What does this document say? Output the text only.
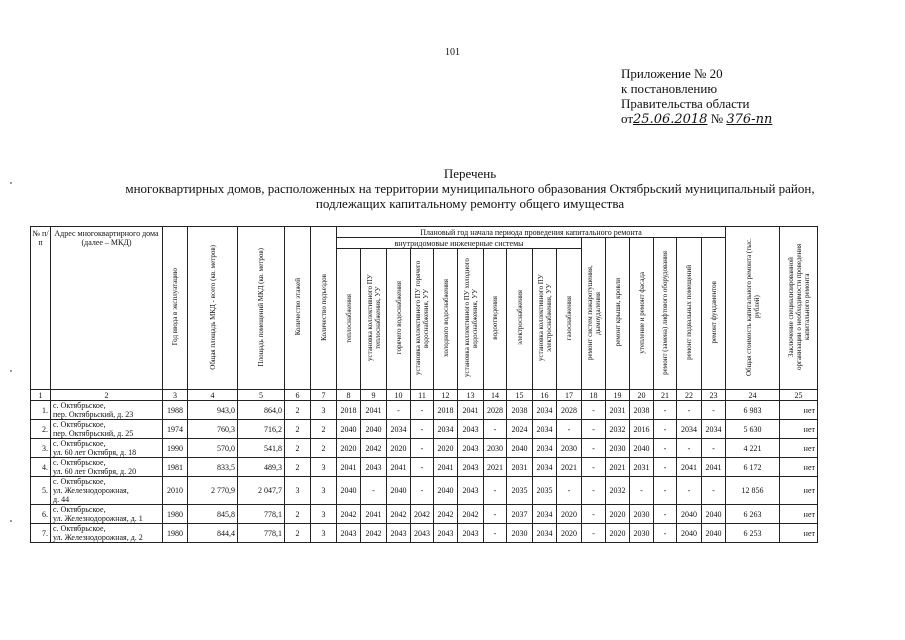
101
Приложение № 20
к постановлению
Правительства области
от25.06.2018 № 376-пп
Перечень
многоквартирных домов, расположенных на территории муниципального образования Октябрьский муниципальный район,
подлежащих капитальному ремонту общего имущества
№ п/п	Адрес многоквартирного дома (далее – МКД)	Год ввода в эксплуатацию	Общая площадь МКД - всего (кв. метров)	Площадь помещений МКД (кв. метров)	Количество этажей	Количество подъездов	Плановый год начала периода проведения капитального ремонта																Общая стоимость капитального ремонта (тыс. рублей)	Заключение специализированной организации о необходимости проведения капитального ремонта
							внутридомовые инженерные системы										ремонт систем пожаротушения, дымоудаления	ремонт крыши, кровли	утепление и ремонт фасада	ремонт (замена) лифтового оборудования	ремонт подвальных помещений	ремонт фундаментов		
							теплоснабжения	установка коллективного ПУ теплоснабжения, УУ	горячего водоснабжения	установка коллективного ПУ горячего водоснабжения, УУ	холодного водоснабжения	установка коллективного ПУ холодного водоснабжения, УУ	водоотведения	электроснабжения	установка коллективного ПУ электроснабжения, УУ	газоснабжения								
1	2	3	4	5	6	7	8	9	10	11	12	13	14	15	16	17	18	19	20	21	22	23	24	25
1.	с. Октябрьское,
пер. Октябрьский, д. 23	1988	943,0	864,0	2	3	2018	2041	-	-	2018	2041	2028	2038	2034	2028	-	2031	2038	-	-	-	6 983	нет
2.	с. Октябрьское,
пер. Октябрьский, д. 25	1974	760,3	716,2	2	2	2040	2040	2034	-	2034	2043	-	2024	2034	-	-	2032	2016	-	2034	2034	5 630	нет
3.	с. Октябрьское,
ул. 60 лет Октября, д. 18	1990	570,0	541,8	2	2	2020	2042	2020	-	2020	2043	2030	2040	2034	2030	-	2030	2040	-	-	-	4 221	нет
4.	с. Октябрьское,
ул. 60 лет Октября, д. 20	1981	833,5	489,3	2	3	2041	2043	2041	-	2041	2043	2021	2031	2034	2021	-	2021	2031	-	2041	2041	6 172	нет
5.	с. Октябрьское,
ул. Железнодорожная,
д. 44	2010	2 770,9	2 047,7	3	3	2040	-	2040	-	2040	2043	-	2035	2035	-	-	2032	-	-	-	-	12 856	нет
6.	с. Октябрьское,
ул. Железнодорожная, д. 1	1980	845,8	778,1	2	3	2042	2041	2042	2042	2042	2042	-	2037	2034	2020	-	2020	2030	-	2040	2040	6 263	нет
7.	с. Октябрьское,
ул. Железнодорожная, д. 2	1980	844,4	778,1	2	3	2043	2042	2043	2043	2043	2043	-	2030	2034	2020	-	2020	2030	-	2040	2040	6 253	нет
